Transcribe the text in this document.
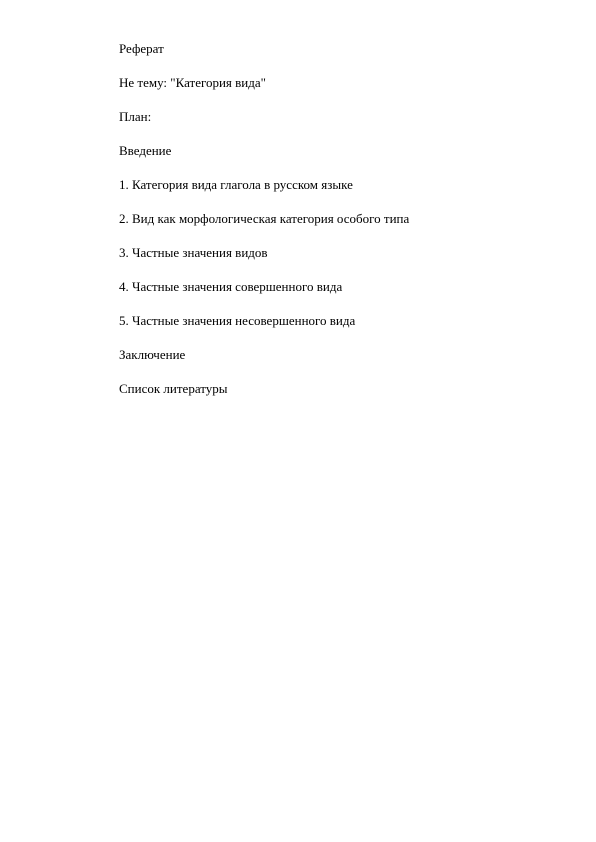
Реферат

Не тему: "Категория вида"

План:

Введение

1. Категория вида глагола в русском языке

2. Вид как морфологическая категория особого типа

3. Частные значения видов

4. Частные значения совершенного вида

5. Частные значения несовершенного вида

Заключение

Список литературы
